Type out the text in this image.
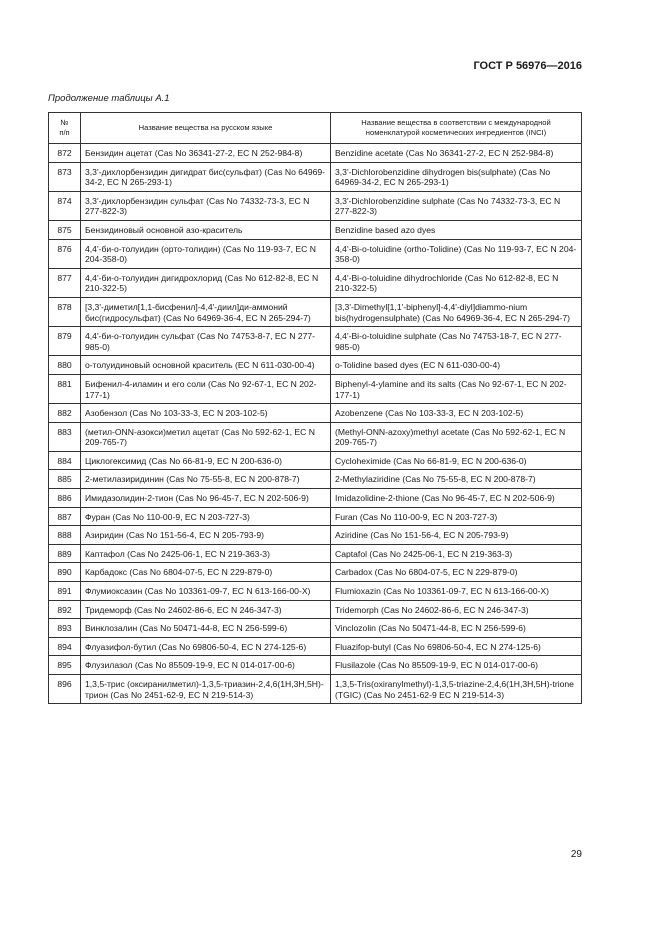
ГОСТ Р 56976—2016
Продолжение таблицы А.1
№
п/п	Название вещества на русском языке	Название вещества в соответствии с международной номенклатурой косметических ингредиентов (INCI)
872	Бензидин ацетат (Cas No 36341-27-2, EC N 252-984-8)	Benzidine acetate (Cas No 36341-27-2, EC N 252-984-8)
873	3,3'-дихлорбензидин дигидрат бис(сульфат) (Cas No 64969-34-2, EC N 265-293-1)	3,3'-Dichlorobenzidine dihydrogen bis(sulphate) (Cas No 64969-34-2, EC N 265-293-1)
874	3,3'-дихлорбензидин сульфат (Cas No 74332-73-3, EC N 277-822-3)	3,3'-Dichlorobenzidine sulphate (Cas No 74332-73-3, EC N 277-822-3)
875	Бензидиновый основной азо-краситель	Benzidine based azo dyes
876	4,4'-би-о-толуидин (орто-толидин) (Cas No 119-93-7, EC N 204-358-0)	4,4'-Bi-o-toluidine (ortho-Tolidine) (Cas No 119-93-7, EC N 204-358-0)
877	4,4'-би-о-толуидин дигидрохлорид (Cas No 612-82-8, EC N 210-322-5)	4,4'-Bi-o-toluidine dihydrochloride (Cas No 612-82-8, EC N 210-322-5)
878	[3,3'-диметил[1,1-бисфенил]-4,4'-диил]ди-аммоний бис(гидросульфат) (Cas No 64969-36-4, EC N 265-294-7)	[3,3'-Dimethyl[1,1'-biphenyl]-4,4'-diyl]diammo-nium bis(hydrogensulphate) (Cas No 64969-36-4, EC N 265-294-7)
879	4,4'-би-о-толуидин сульфат (Cas No 74753-8-7, EC N 277-985-0)	4,4'-Bi-o-toluidine sulphate (Cas No 74753-18-7, EC N 277-985-0)
880	о-толуидиновый основной краситель (EC N 611-030-00-4)	o-Tolidine based dyes (EC N 611-030-00-4)
881	Бифенил-4-иламин и его соли (Cas No 92-67-1, EC N 202-177-1)	Biphenyl-4-ylamine and its salts (Cas No 92-67-1, EC N 202-177-1)
882	Азобензол (Cas No 103-33-3, EC N 203-102-5)	Azobenzene (Cas No 103-33-3, EC N 203-102-5)
883	(метил-ONN-азокси)метил ацетат (Cas No 592-62-1, EC N 209-765-7)	(Methyl-ONN-azoxy)methyl acetate (Cas No 592-62-1, EC N 209-765-7)
884	Циклогексимид (Cas No 66-81-9, EC N 200-636-0)	Cycloheximide (Cas No 66-81-9, EC N 200-636-0)
885	2-метилазиридинин (Cas No 75-55-8, EC N 200-878-7)	2-Methylaziridine (Cas No 75-55-8, EC N 200-878-7)
886	Имидазолидин-2-тион (Cas No 96-45-7, EC N 202-506-9)	Imidazolidine-2-thione (Cas No 96-45-7, EC N 202-506-9)
887	Фуран (Cas No 110-00-9, EC N 203-727-3)	Furan (Cas No 110-00-9, EC N 203-727-3)
888	Азиридин (Cas No 151-56-4, EC N 205-793-9)	Aziridine (Cas No 151-56-4, EC N 205-793-9)
889	Каптафол (Cas No 2425-06-1, EC N 219-363-3)	Captafol (Cas No 2425-06-1, EC N 219-363-3)
890	Карбадокс (Cas No 6804-07-5, EC N 229-879-0)	Carbadox (Cas No 6804-07-5, EC N 229-879-0)
891	Флумиоксазин (Cas No 103361-09-7, EC N 613-166-00-X)	Flumioxazin (Cas No 103361-09-7, EC N 613-166-00-X)
892	Тридеморф (Cas No 24602-86-6, EC N 246-347-3)	Tridemorph (Cas No 24602-86-6, EC N 246-347-3)
893	Винклозалин (Cas No 50471-44-8, EC N 256-599-6)	Vinclozolin (Cas No 50471-44-8, EC N 256-599-6)
894	Флуазифол-бутил (Cas No 69806-50-4, EC N 274-125-6)	Fluazifop-butyl (Cas No 69806-50-4, EC N 274-125-6)
895	Флузилазол (Cas No 85509-19-9, EC N 014-017-00-6)	Flusilazole (Cas No 85509-19-9, EC N 014-017-00-6)
896	1,3,5-трис (оксиранилметил)-1,3,5-триазин-2,4,6(1H,3H,5H)-трион (Cas No 2451-62-9, EC N 219-514-3)	1,3,5-Tris(oxiranylmethyl)-1,3,5-triazine-2,4,6(1H,3H,5H)-trione (TGIC) (Cas No 2451-62-9 EC N 219-514-3)
29
